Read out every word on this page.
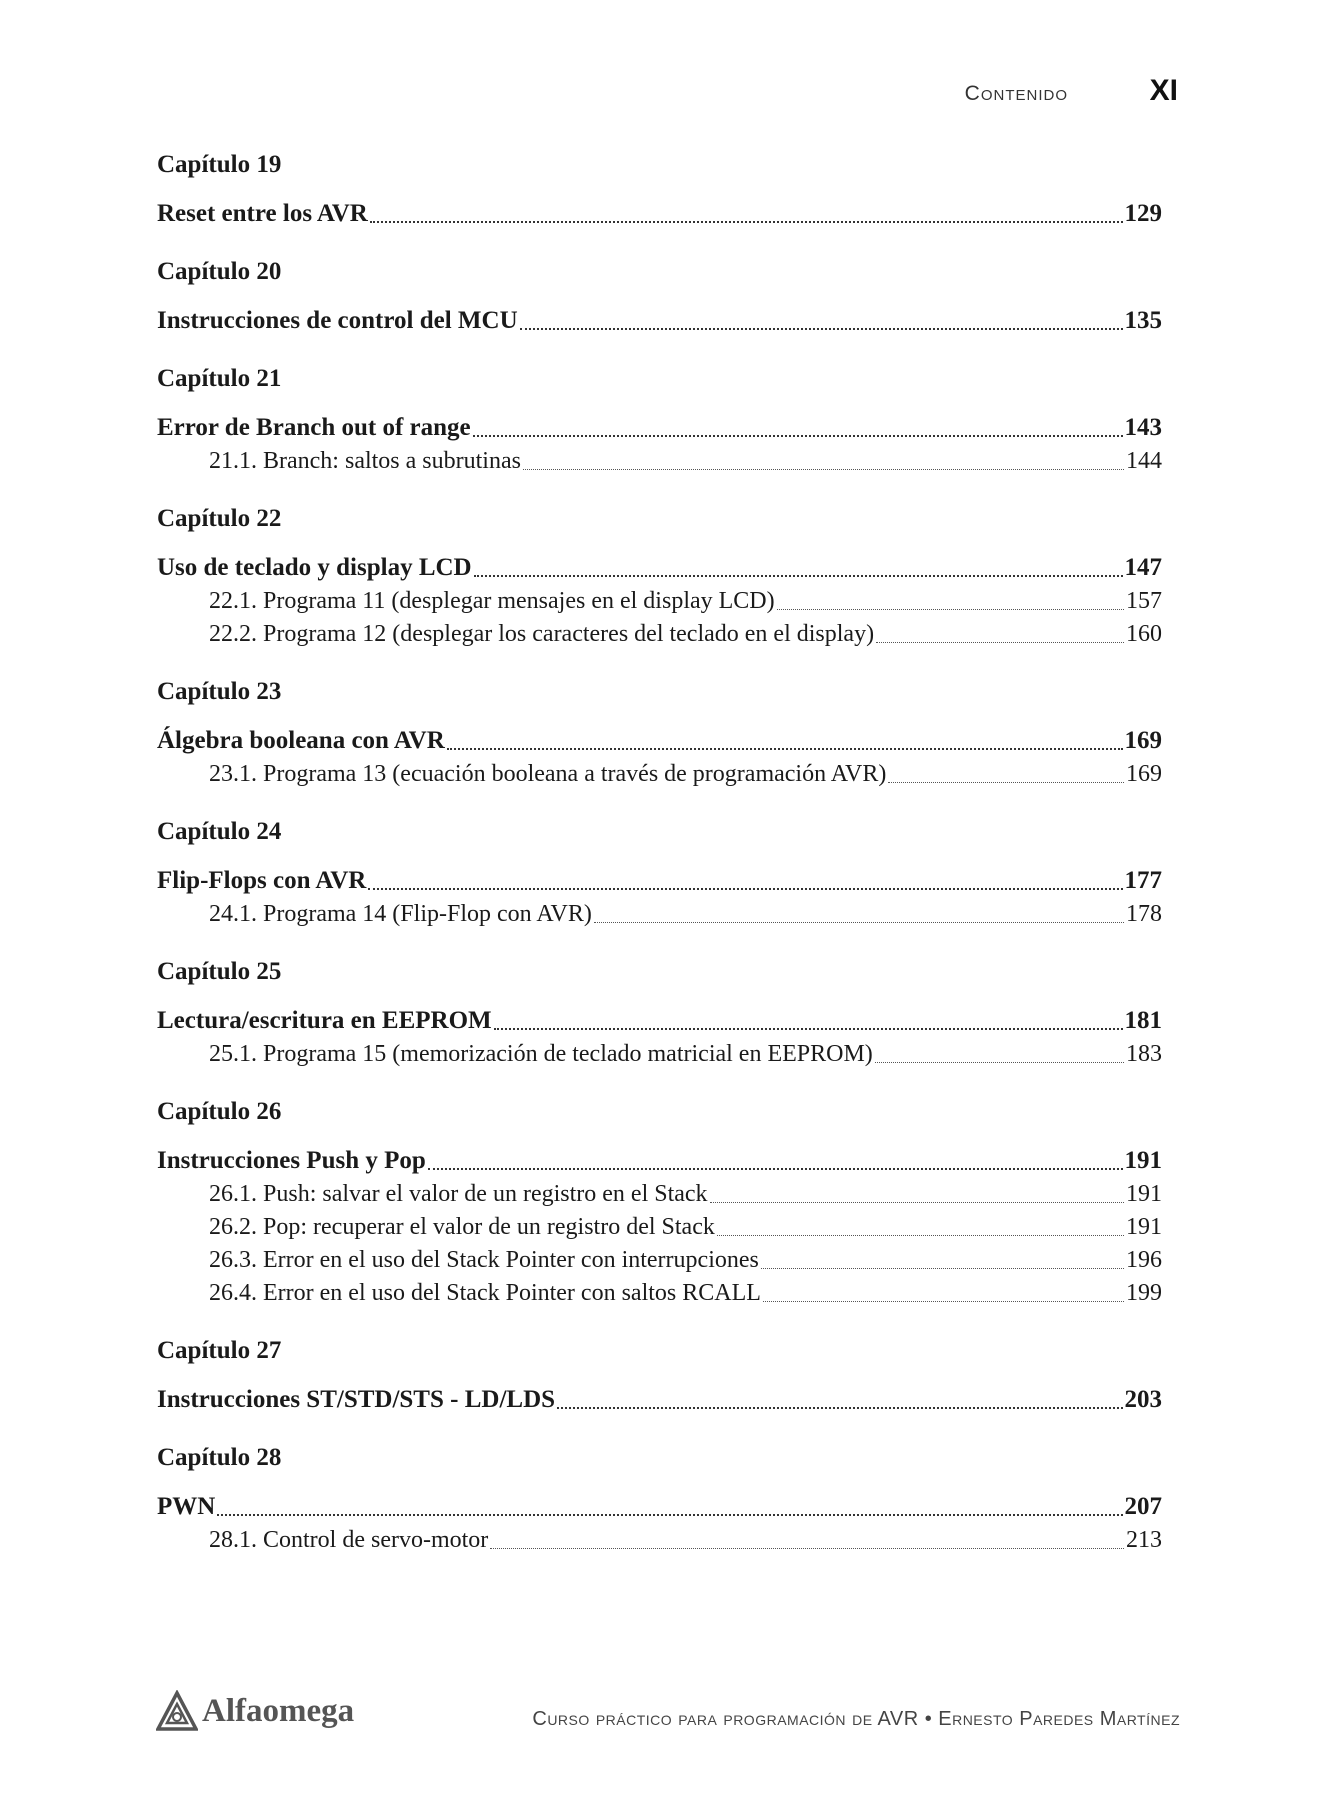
Contenido	XI
Capítulo 19
Reset entre los AVR	129
Capítulo 20
Instrucciones de control del MCU	135
Capítulo 21
Error de Branch out of range	143
21.1. Branch: saltos a subrutinas	144
Capítulo 22
Uso de teclado y display LCD	147
22.1. Programa 11 (desplegar mensajes en el display LCD)	157
22.2. Programa 12 (desplegar los caracteres del teclado en el display)	160
Capítulo 23
Álgebra booleana con AVR	169
23.1. Programa 13 (ecuación booleana a través de programación AVR)	169
Capítulo 24
Flip-Flops con AVR	177
24.1. Programa 14 (Flip-Flop con AVR)	178
Capítulo 25
Lectura/escritura en EEPROM	181
25.1. Programa 15 (memorización de teclado matricial en EEPROM)	183
Capítulo 26
Instrucciones Push y Pop	191
26.1. Push: salvar el valor de un registro en el Stack	191
26.2. Pop: recuperar el valor de un registro del Stack	191
26.3. Error en el uso del Stack Pointer con interrupciones	196
26.4. Error en el uso del Stack Pointer con saltos RCALL	199
Capítulo 27
Instrucciones ST/STD/STS - LD/LDS	203
Capítulo 28
PWN	207
28.1. Control de servo-motor	213
Alfaomega	Curso práctico para programación de AVR • Ernesto Paredes Martínez
